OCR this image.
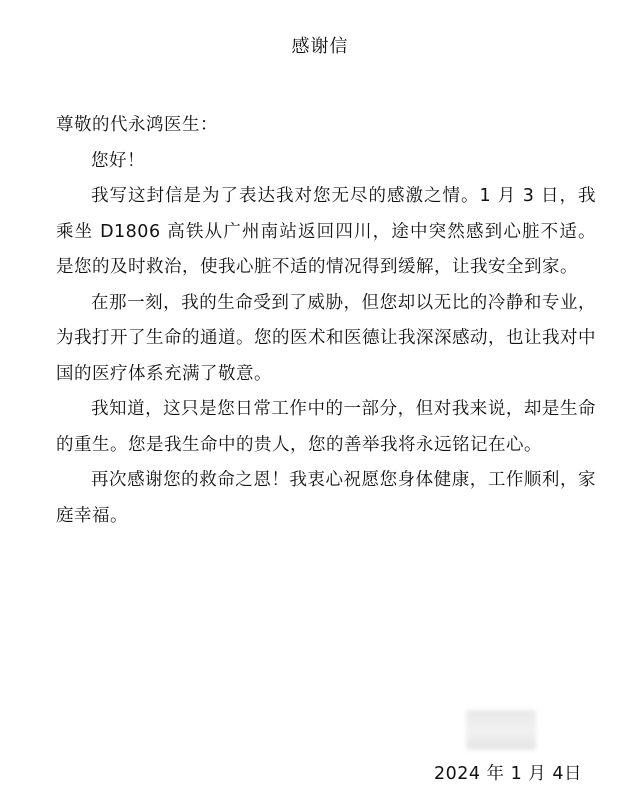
感谢信

尊敬的代永鸿医生：

您好！

我写这封信是为了表达我对您无尽的感激之情。1 月 3 日，我乘坐 D1806 高铁从广州南站返回四川，途中突然感到心脏不适。是您的及时救治，使我心脏不适的情况得到缓解，让我安全到家。

在那一刻，我的生命受到了威胁，但您却以无比的冷静和专业，为我打开了生命的通道。您的医术和医德让我深深感动，也让我对中国的医疗体系充满了敬意。

我知道，这只是您日常工作中的一部分，但对我来说，却是生命的重生。您是我生命中的贵人，您的善举我将永远铭记在心。

再次感谢您的救命之恩！我衷心祝愿您身体健康，工作顺利，家庭幸福。

2024 年 1 月 4日
